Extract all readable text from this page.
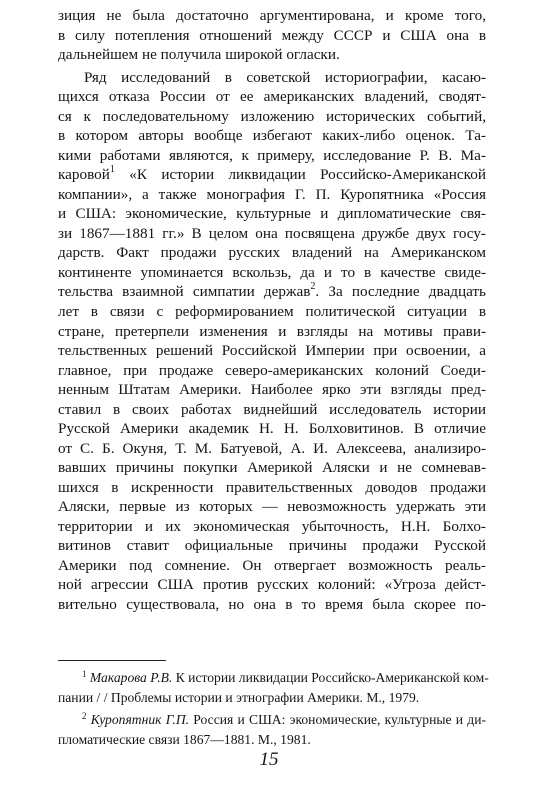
зиция не была достаточно аргументирована, и кроме того,
в силу потепления отношений между СССР и США она в
дальнейшем не получила широкой огласки.
Ряд исследований в советской историографии, касаю-
щихся отказа России от ее американских владений, сводят-
ся к последовательному изложению исторических событий,
в котором авторы вообще избегают каких-либо оценок. Та-
кими работами являются, к примеру, исследование Р. В. Ма-
каровой$^1$ «К истории ликвидации Российско-Американской
компании», а также монография Г. П. Куропятника «Россия
и США: экономические, культурные и дипломатические свя-
зи 1867—1881 гг.» В целом она посвящена дружбе двух госу-
дарств. Факт продажи русских владений на Американском
континенте упоминается вскользь, да и то в качестве свиде-
тельства взаимной симпатии держав$^2$. За последние двадцать
лет в связи с реформированием политической ситуации в
стране, претерпели изменения и взгляды на мотивы прави-
тельственных решений Российской Империи при освоении, а
главное, при продаже северо-американских колоний Соеди-
ненным Штатам Америки. Наиболее ярко эти взгляды пред-
ставил в своих работах виднейший исследователь истории
Русской Америки академик Н. Н. Болховитинов. В отличие
от С. Б. Окуня, Т. М. Батуевой, А. И. Алексеева, анализиро-
вавших причины покупки Америкой Аляски и не сомневав-
шихся в искренности правительственных доводов продажи
Аляски, первые из которых — невозможность удержать эти
территории и их экономическая убыточность, Н.Н. Болхо-
витинов ставит официальные причины продажи Русской
Америки под сомнение. Он отвергает возможность реаль-
ной агрессии США против русских колоний: «Угроза дейст-
вительно существовала, но она в то время была скорее по-
$^1$ Макарова Р.В. К истории ликвидации Российско-Американской ком-
пании / / Проблемы истории и этнографии Америки. М., 1979.
$^2$ Куропятник Г.П. Россия и США: экономические, культурные и ди-
пломатические связи 1867—1881. М., 1981.
15
